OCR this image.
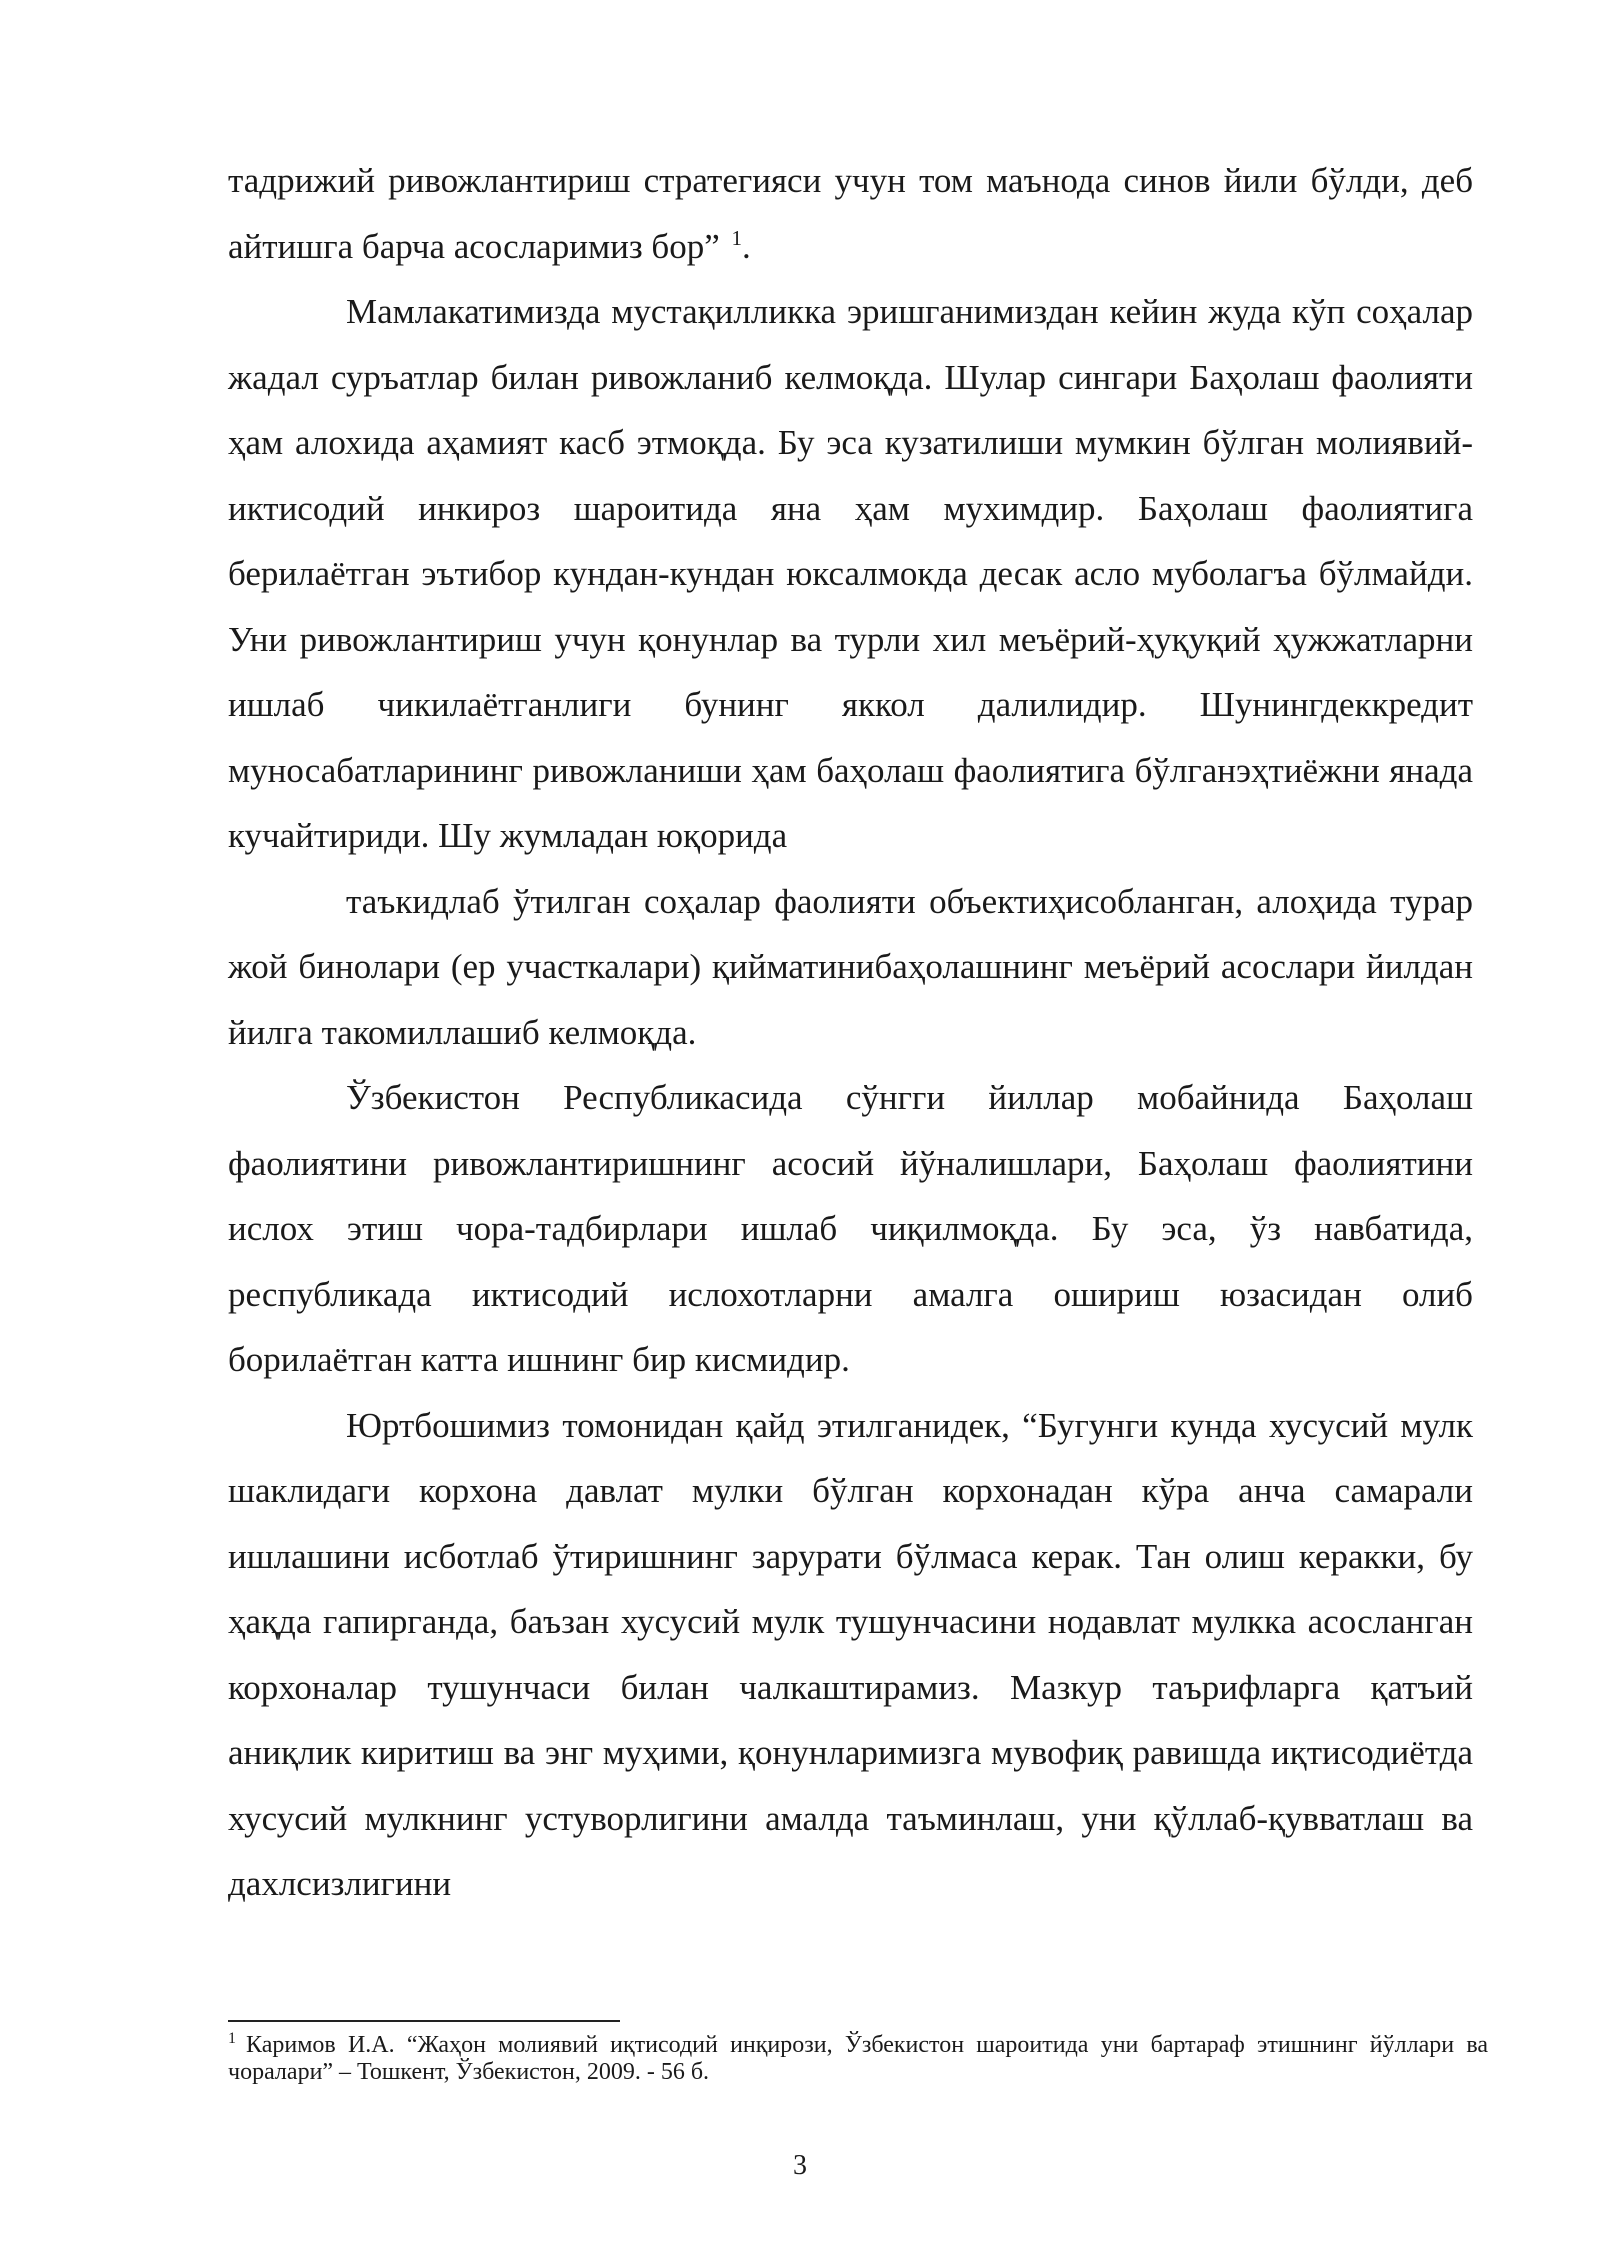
тадрижий ривожлантириш стратегияси учун том маънода синов йили бўлди, деб айтишга барча асосларимиз бор” $^1$.

Мамлакатимизда мустақилликка эришганимиздан кейин жуда кўп соҳалар жадал суръатлар билан ривожланиб келмоқда. Шулар сингари Баҳолаш фаолияти ҳам алохида аҳамият касб этмоқда. Бу эса кузатилиши мумкин бўлган молиявий-иктисодий инкироз шароитида яна ҳам мухимдир. Баҳолаш фаолиятига берилаётган эътибор кундан-кундан юксалмокда десак асло муболагъа бўлмайди. Уни ривожлантириш учун қонунлар ва турли хил меъёрий-ҳуқуқий ҳужжатларни ишлаб чикилаётганлиги бунинг яккол далилидир. Шунингдеккредит муносабатларининг ривожланиши ҳам баҳолаш фаолиятига бўлганэҳтиёжни янада кучайтириди. Шу жумладан юқорида

таъкидлаб ўтилган соҳалар фаолияти объектиҳисобланган, алоҳида турар жой бинолари (ер участкалари) қийматинибаҳолашнинг меъёрий асослари йилдан йилга такомиллашиб келмоқда.

Ўзбекистон Республикасида сўнгги йиллар мобайнида Баҳолаш фаолиятини ривожлантиришнинг асосий йўналишлари, Баҳолаш фаолиятини ислох этиш чора-тадбирлари ишлаб чиқилмоқда. Бу эса, ўз навбатида, республикада иктисодий ислохотларни амалга ошириш юзасидан олиб борилаётган катта ишнинг бир кисмидир.

Юртбошимиз томонидан қайд этилганидек, “Бугунги кунда хусусий мулк шаклидаги корхона давлат мулки бўлган корхонадан кўра анча самарали ишлашини исботлаб ўтиришнинг зарурати бўлмаса керак. Тан олиш керакки, бу ҳақда гапирганда, баъзан хусусий мулк тушунчасини нодавлат мулкка асосланган корхоналар тушунчаси билан чалкаштирамиз. Мазкур таърифларга қатъий аниқлик киритиш ва энг муҳими, қонунларимизга мувофиқ равишда иқтисодиётда хусусий мулкнинг устуворлигини амалда таъминлаш, уни қўллаб-қувватлаш ва дахлсизлигини

$^1$ Каримов И.А. “Жаҳон молиявий иқтисодий инқирози, Ўзбекистон шароитида уни бартараф этишнинг йўллари ва чоралари” – Тошкент, Ўзбекистон, 2009. - 56 б.

3
